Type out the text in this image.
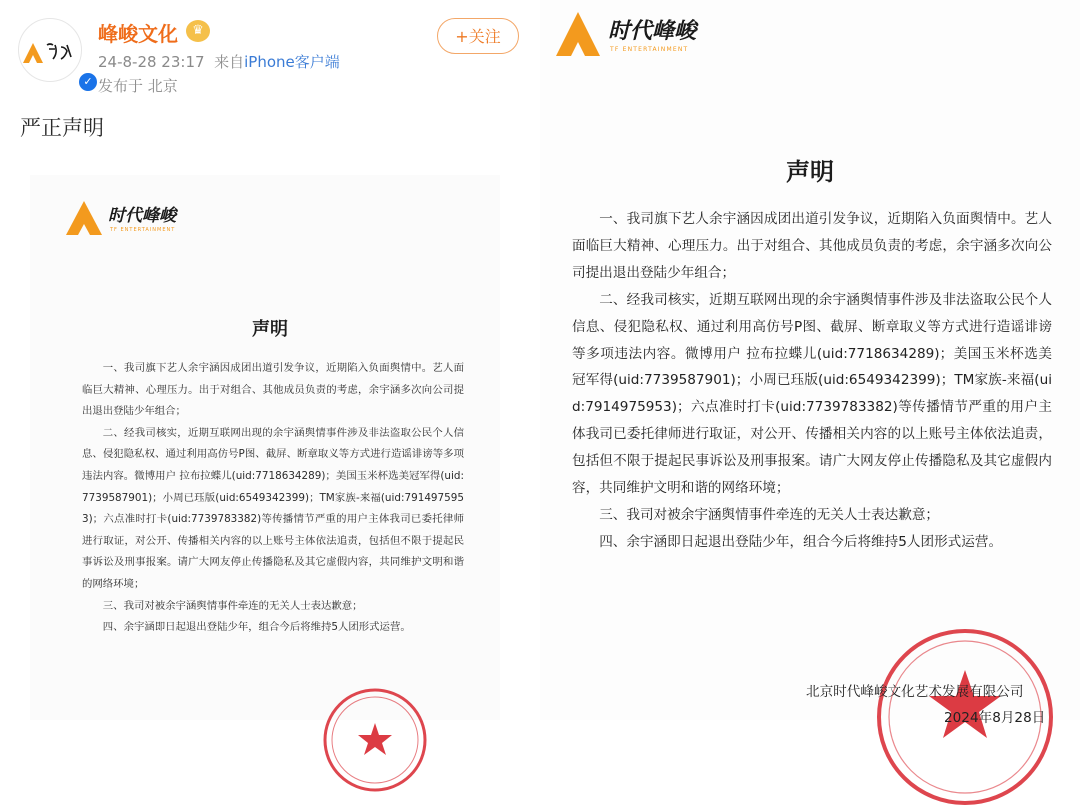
✓
峰峻文化	♛
24-8-28 23:17 来自iPhone客户端
发布于 北京
+关注
严正声明
时代峰峻
TF ENTERTAINMENT
声明

一、我司旗下艺人余宇涵因成团出道引发争议，近期陷入负面舆情中。艺人面临巨大精神、心理压力。出于对组合、其他成员负责的考虑，余宇涵多次向公司提出退出登陆少年组合；

二、经我司核实，近期互联网出现的余宇涵舆情事件涉及非法盗取公民个人信息、侵犯隐私权、通过利用高仿号P图、截屏、断章取义等方式进行造谣诽谤等多项违法内容。微博用户 拉布拉蝶儿(uid:7718634289)；美国玉米杯选美冠军得(uid:7739587901)；小周已珏版(uid:6549342399)；TM家族-来福(uid:7914975953)；六点准时打卡(uid:7739783382)等传播情节严重的用户主体我司已委托律师进行取证，对公开、传播相关内容的以上账号主体依法追责，包括但不限于提起民事诉讼及刑事报案。请广大网友停止传播隐私及其它虚假内容，共同维护文明和谐的网络环境；

三、我司对被余宇涵舆情事件牵连的无关人士表达歉意；

四、余宇涵即日起退出登陆少年，组合今后将维持5人团形式运营。

时代峰峻
TF ENTERTAINMENT
声明

一、我司旗下艺人余宇涵因成团出道引发争议，近期陷入负面舆情中。艺人面临巨大精神、心理压力。出于对组合、其他成员负责的考虑，余宇涵多次向公司提出退出登陆少年组合；

二、经我司核实，近期互联网出现的余宇涵舆情事件涉及非法盗取公民个人信息、侵犯隐私权、通过利用高仿号P图、截屏、断章取义等方式进行造谣诽谤等多项违法内容。微博用户 拉布拉蝶儿(uid:7718634289)；美国玉米杯选美冠军得(uid:7739587901)；小周已珏版(uid:6549342399)；TM家族-来福(uid:7914975953)；六点准时打卡(uid:7739783382)等传播情节严重的用户主体我司已委托律师进行取证，对公开、传播相关内容的以上账号主体依法追责，包括但不限于提起民事诉讼及刑事报案。请广大网友停止传播隐私及其它虚假内容，共同维护文明和谐的网络环境；

三、我司对被余宇涵舆情事件牵连的无关人士表达歉意；

四、余宇涵即日起退出登陆少年，组合今后将维持5人团形式运营。

北京时代峰峻文化艺术发展有限公司
2024年8月28日
